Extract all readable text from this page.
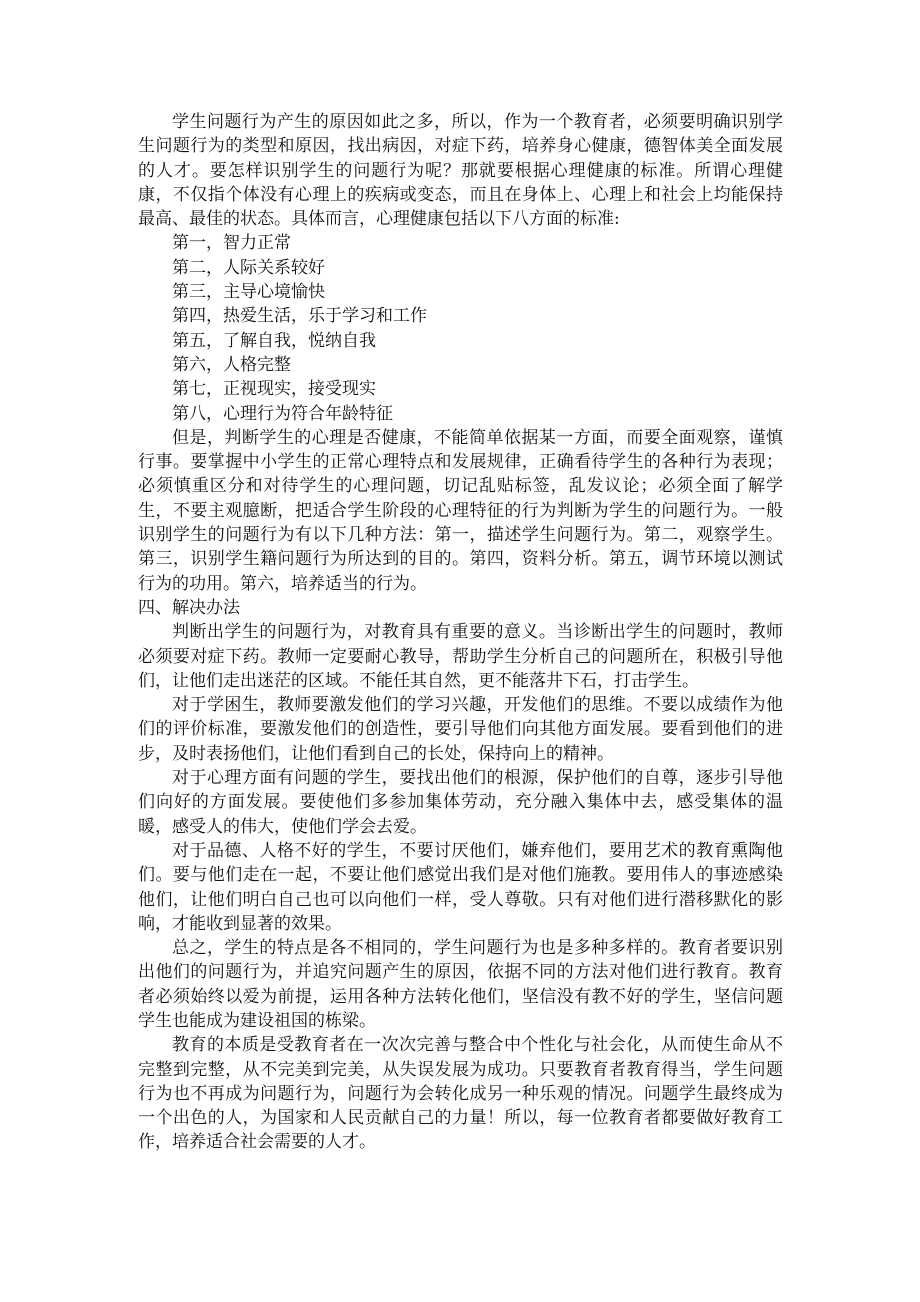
学生问题行为产生的原因如此之多，所以，作为一个教育者，必须要明确识别学生问题行为的类型和原因，找出病因，对症下药，培养身心健康，德智体美全面发展的人才。要怎样识别学生的问题行为呢？那就要根据心理健康的标准。所谓心理健康，不仅指个体没有心理上的疾病或变态，而且在身体上、心理上和社会上均能保持最高、最佳的状态。具体而言，心理健康包括以下八方面的标准:

第一，智力正常

第二，人际关系较好

第三，主导心境愉快

第四，热爱生活，乐于学习和工作

第五，了解自我，悦纳自我

第六，人格完整

第七，正视现实，接受现实

第八，心理行为符合年龄特征

但是，判断学生的心理是否健康，不能简单依据某一方面，而要全面观察，谨慎行事。要掌握中小学生的正常心理特点和发展规律，正确看待学生的各种行为表现；必须慎重区分和对待学生的心理问题，切记乱贴标签，乱发议论；必须全面了解学生，不要主观臆断，把适合学生阶段的心理特征的行为判断为学生的问题行为。一般识别学生的问题行为有以下几种方法：第一，描述学生问题行为。第二，观察学生。第三，识别学生籍问题行为所达到的目的。第四，资料分析。第五，调节环境以测试行为的功用。第六，培养适当的行为。

四、解决办法

判断出学生的问题行为，对教育具有重要的意义。当诊断出学生的问题时，教师必须要对症下药。教师一定要耐心教导，帮助学生分析自己的问题所在，积极引导他们，让他们走出迷茫的区域。不能任其自然，更不能落井下石，打击学生。

对于学困生，教师要激发他们的学习兴趣，开发他们的思维。不要以成绩作为他们的评价标准，要激发他们的创造性，要引导他们向其他方面发展。要看到他们的进步，及时表扬他们，让他们看到自己的长处，保持向上的精神。

对于心理方面有问题的学生，要找出他们的根源，保护他们的自尊，逐步引导他们向好的方面发展。要使他们多参加集体劳动，充分融入集体中去，感受集体的温暖，感受人的伟大，使他们学会去爱。

对于品德、人格不好的学生，不要讨厌他们，嫌弃他们，要用艺术的教育熏陶他们。要与他们走在一起，不要让他们感觉出我们是对他们施教。要用伟人的事迹感染他们，让他们明白自己也可以向他们一样，受人尊敬。只有对他们进行潜移默化的影响，才能收到显著的效果。

总之，学生的特点是各不相同的，学生问题行为也是多种多样的。教育者要识别出他们的问题行为，并追究问题产生的原因，依据不同的方法对他们进行教育。教育者必须始终以爱为前提，运用各种方法转化他们，坚信没有教不好的学生，坚信问题学生也能成为建设祖国的栋梁。

教育的本质是受教育者在一次次完善与整合中个性化与社会化，从而使生命从不完整到完整，从不完美到完美，从失误发展为成功。只要教育者教育得当，学生问题行为也不再成为问题行为，问题行为会转化成另一种乐观的情况。问题学生最终成为一个出色的人，为国家和人民贡献自己的力量！所以，每一位教育者都要做好教育工作，培养适合社会需要的人才。
